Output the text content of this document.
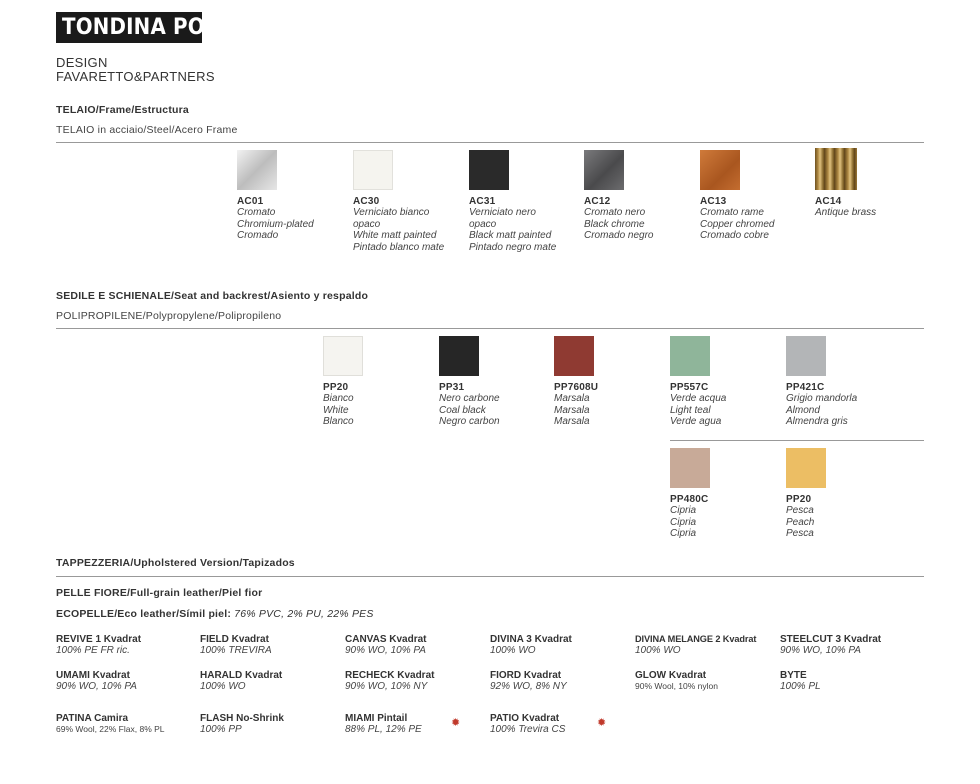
TONDINA POP
DESIGN
FAVARETTO&PARTNERS
TELAIO/Frame/Estructura
TELAIO in acciaio/Steel/Acero Frame
AC01
Cromato
Chromium-plated
Cromado
AC30
Verniciato bianco
opaco
White matt painted
Pintado blanco mate
AC31
Verniciato nero
opaco
Black matt painted
Pintado negro mate
AC12
Cromato nero
Black chrome
Cromado negro
AC13
Cromato rame
Copper chromed
Cromado cobre
AC14
Antique brass
SEDILE E SCHIENALE/Seat and backrest/Asiento y respaldo
POLIPROPILENE/Polypropylene/Polipropileno
PP20
Bianco
White
Blanco
PP31
Nero carbone
Coal black
Negro carbon
PP7608U
Marsala
Marsala
Marsala
PP557C
Verde acqua
Light teal
Verde agua
PP421C
Grigio mandorla
Almond
Almendra gris
PP480C
Cipria
Cipria
Cipria
PP20
Pesca
Peach
Pesca
TAPPEZZERIA/Upholstered Version/Tapizados
PELLE FIORE/Full-grain leather/Piel fior
ECOPELLE/Eco leather/Símil piel: 76% PVC, 2% PU, 22% PES
REVIVE 1 Kvadrat
100% PE FR ric.
FIELD Kvadrat
100% TREVIRA
CANVAS Kvadrat
90% WO, 10% PA
DIVINA 3 Kvadrat
100% WO
DIVINA MELANGE 2 Kvadrat
100% WO
STEELCUT 3 Kvadrat
90% WO, 10% PA
UMAMI Kvadrat
90% WO, 10% PA
HARALD Kvadrat
100% WO
RECHECK Kvadrat
90% WO, 10% NY
FIORD Kvadrat
92% WO, 8% NY
GLOW Kvadrat
90% Wool, 10% nylon
BYTE
100% PL
PATINA Camira
69% Wool, 22% Flax, 8% PL
FLASH No-Shrink
100% PP
MIAMI Pintail
88% PL, 12% PE
✹	PATIO Kvadrat
100% Trevira CS
✹
